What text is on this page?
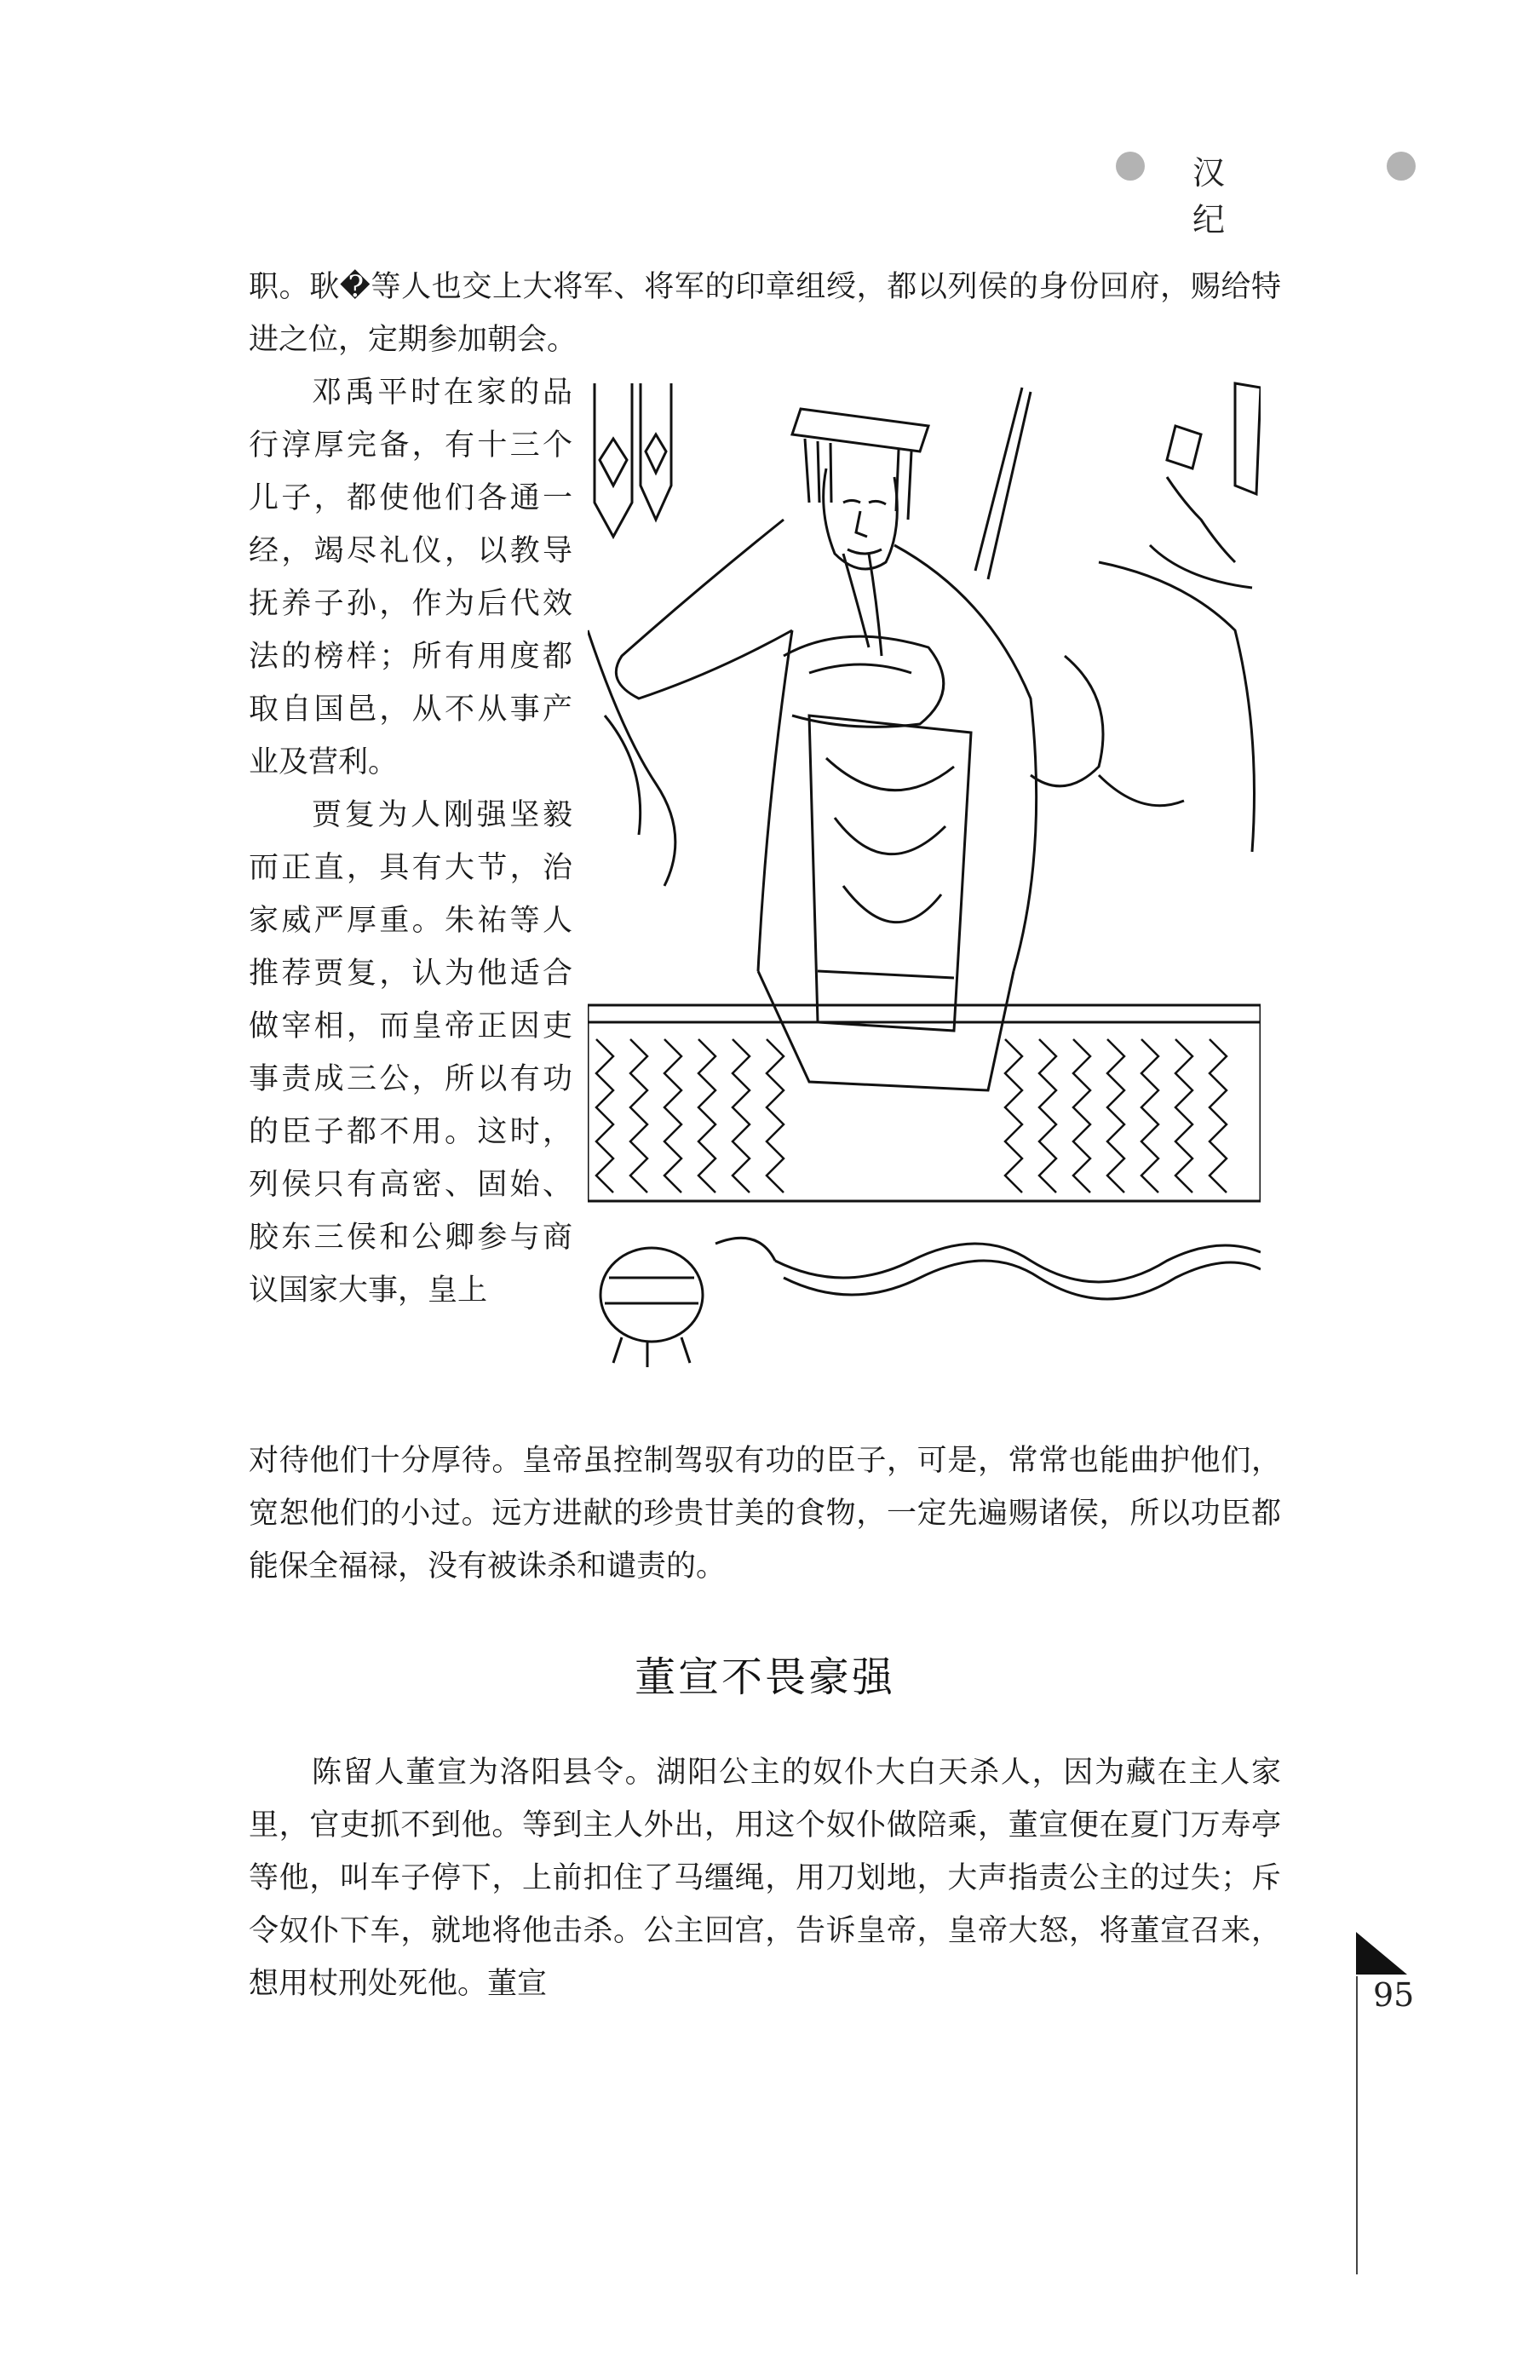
汉 纪
职。耿�等人也交上大将军、将军的印章组绶，都以列侯的身份回府，赐给特进之位，定期参加朝会。
邓禹平时在家的品行淳厚完备，有十三个儿子，都使他们各通一经，竭尽礼仪，以教导抚养子孙，作为后代效法的榜样；所有用度都取自国邑，从不从事产业及营利。
贾复为人刚强坚毅而正直，具有大节，治家威严厚重。朱祐等人推荐贾复，认为他适合做宰相，而皇帝正因吏事责成三公，所以有功的臣子都不用。这时，列侯只有高密、固始、胶东三侯和公卿参与商议国家大事，皇上
对待他们十分厚待。皇帝虽控制驾驭有功的臣子，可是，常常也能曲护他们，宽恕他们的小过。远方进献的珍贵甘美的食物，一定先遍赐诸侯，所以功臣都能保全福禄，没有被诛杀和谴责的。
董宣不畏豪强
陈留人董宣为洛阳县令。湖阳公主的奴仆大白天杀人，因为藏在主人家里，官吏抓不到他。等到主人外出，用这个奴仆做陪乘，董宣便在夏门万寿亭等他，叫车子停下，上前扣住了马缰绳，用刀划地，大声指责公主的过失；斥令奴仆下车，就地将他击杀。公主回宫，告诉皇帝，皇帝大怒，将董宣召来，想用杖刑处死他。董宣	95
